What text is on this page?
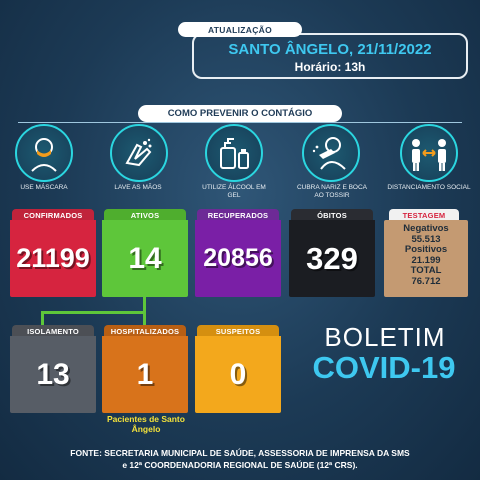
ATUALIZAÇÃO
SANTO ÂNGELO, 21/11/2022
Horário: 13h
COMO PREVENIR O CONTÁGIO
USE MÁSCARA	LAVE AS MÃOS	UTILIZE ÁLCOOL EM GEL
CUBRA NARIZ E BOCA AO TOSSIR
DISTANCIAMENTO SOCIAL
CONFIRMADOS
21199
ATIVOS
14
RECUPERADOS
20856
ÓBITOS
329
TESTAGEM
Negativos
55.513
Positivos
21.199
TOTAL
76.712
ISOLAMENTO
13
HOSPITALIZADOS
1
SUSPEITOS
0
Pacientes de Santo Ângelo
BOLETIM
COVID-19
FONTE: SECRETARIA MUNICIPAL DE SAÚDE, ASSESSORIA DE IMPRENSA DA SMS
e 12ª COORDENADORIA REGIONAL DE SAÚDE (12ª CRS).
